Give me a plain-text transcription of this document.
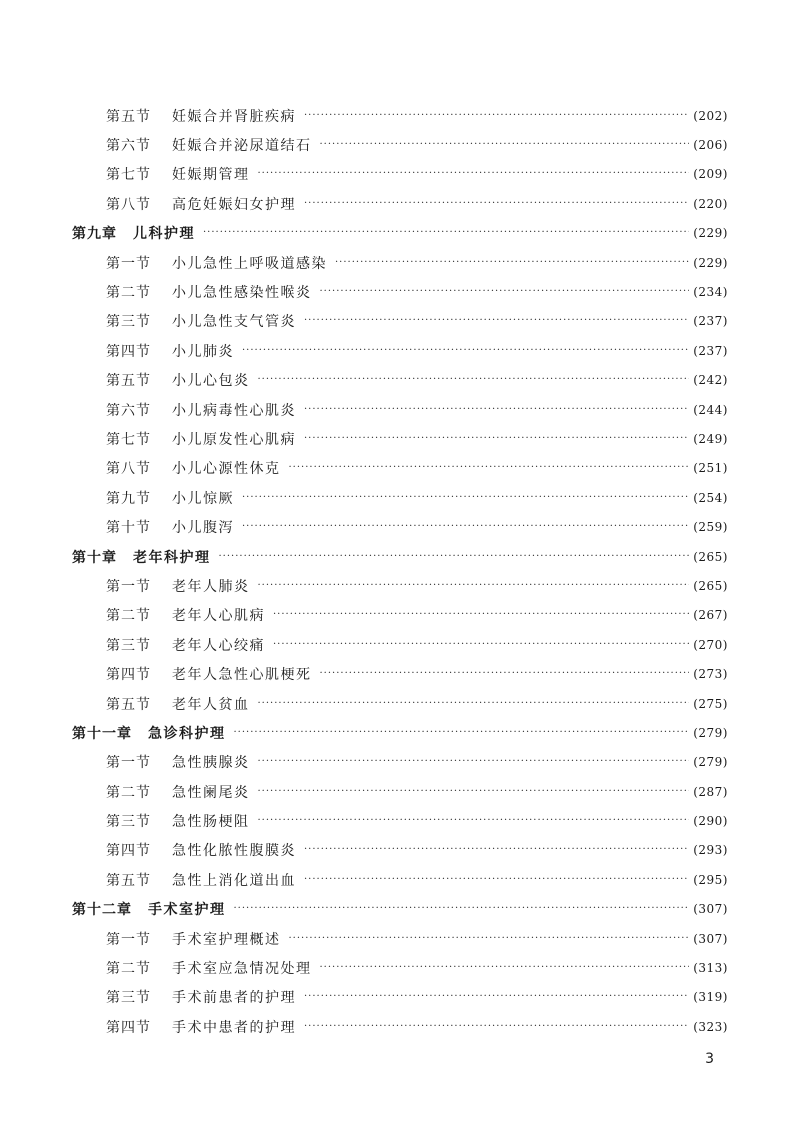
第五节	妊娠合并肾脏疾病 ·····	(202)
第六节	妊娠合并泌尿道结石 ·····	(206)
第七节	妊娠期管理 ·····	(209)
第八节	高危妊娠妇女护理 ·····	(220)
第九章 儿科护理 ·····	(229)
第一节	小儿急性上呼吸道感染 ·····	(229)
第二节	小儿急性感染性喉炎 ·····	(234)
第三节	小儿急性支气管炎 ·····	(237)
第四节	小儿肺炎 ·····	(237)
第五节	小儿心包炎 ·····	(242)
第六节	小儿病毒性心肌炎 ·····	(244)
第七节	小儿原发性心肌病 ·····	(249)
第八节	小儿心源性休克 ·····	(251)
第九节	小儿惊厥 ·····	(254)
第十节	小儿腹泻 ·····	(259)
第十章 老年科护理 ·····	(265)
第一节	老年人肺炎 ·····	(265)
第二节	老年人心肌病 ·····	(267)
第三节	老年人心绞痛 ·····	(270)
第四节	老年人急性心肌梗死 ·····	(273)
第五节	老年人贫血 ·····	(275)
第十一章 急诊科护理 ·····	(279)
第一节	急性胰腺炎 ·····	(279)
第二节	急性阑尾炎 ·····	(287)
第三节	急性肠梗阻 ·····	(290)
第四节	急性化脓性腹膜炎 ·····	(293)
第五节	急性上消化道出血 ·····	(295)
第十二章 手术室护理 ·····	(307)
第一节	手术室护理概述 ·····	(307)
第二节	手术室应急情况处理 ·····	(313)
第三节	手术前患者的护理 ·····	(319)
第四节	手术中患者的护理 ·····	(323)
3
